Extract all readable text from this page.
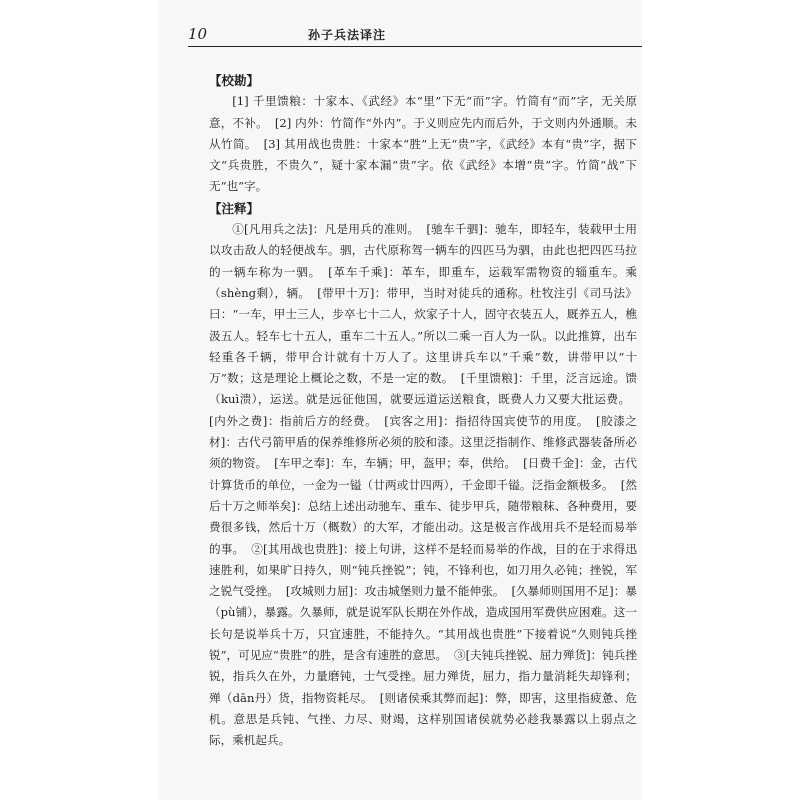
10	孙子兵法译注

【校勘】

[1] 千里馈粮：十家本、《武经》本“里”下无“而”字。竹简有“而”字，无关原意，不补。 [2] 内外：竹简作“外内”。于义则应先内而后外，于文则内外通顺。未从竹简。 [3] 其用战也贵胜：十家本“胜”上无“贵”字，《武经》本有“贵”字，据下文“兵贵胜，不贵久”，疑十家本漏“贵”字。依《武经》本增“贵”字。竹简“战”下无“也”字。

【注释】

①[凡用兵之法]：凡是用兵的准则。 [驰车千驷]：驰车，即轻车，装载甲士用以攻击敌人的轻便战车。驷，古代原称驾一辆车的四匹马为驷，由此也把四匹马拉的一辆车称为一驷。 [革车千乘]：革车，即重车，运载军需物资的辎重车。乘（shèng剩），辆。 [带甲十万]：带甲，当时对徒兵的通称。杜牧注引《司马法》曰：“一车，甲士三人，步卒七十二人，炊家子十人，固守衣装五人，厩养五人，樵汲五人。轻车七十五人，重车二十五人。”所以二乘一百人为一队。以此推算，出车轻重各千辆，带甲合计就有十万人了。这里讲兵车以“千乘”数，讲带甲以“十万”数；这是理论上概论之数，不是一定的数。 [千里馈粮]：千里，泛言远途。馈（kuì溃），运送。就是远征他国，就要远道运送粮食，既费人力又要大批运费。[内外之费]：指前后方的经费。 [宾客之用]：指招待国宾使节的用度。 [胶漆之材]：古代弓箭甲盾的保养维修所必须的胶和漆。这里泛指制作、维修武器装备所必须的物资。 [车甲之奉]：车，车辆；甲，盔甲；奉，供给。 [日费千金]：金，古代计算货币的单位，一金为一镒（廿两或廿四两），千金即千镒。泛指金额极多。 [然后十万之师举矣]：总结上述出动驰车、重车、徒步甲兵，随带粮秣、各种费用，要费很多钱，然后十万（概数）的大军，才能出动。这是极言作战用兵不是轻而易举的事。 ②[其用战也贵胜]：接上句讲，这样不是轻而易举的作战，目的在于求得迅速胜利，如果旷日持久，则“钝兵挫锐”；钝，不锋利也，如刀用久必钝；挫锐，军之锐气受挫。 [攻城则力屈]：攻击城堡则力量不能伸张。 [久暴师则国用不足]：暴（pù铺），暴露。久暴师，就是说军队长期在外作战，造成国用军费供应困难。这一长句是说举兵十万，只宜速胜，不能持久。“其用战也贵胜”下接着说“久则钝兵挫锐”，可见应“贵胜”的胜，是含有速胜的意思。 ③[夫钝兵挫锐、屈力殚货]：钝兵挫锐，指兵久在外，力量磨钝，士气受挫。屈力殚货，屈力，指力量消耗失却锋利；殚（dān丹）货，指物资耗尽。 [则诸侯乘其弊而起]：弊，即害，这里指疲惫、危机。意思是兵钝、气挫、力尽、财竭，这样别国诸侯就势必趁我暴露以上弱点之际，乘机起兵。
